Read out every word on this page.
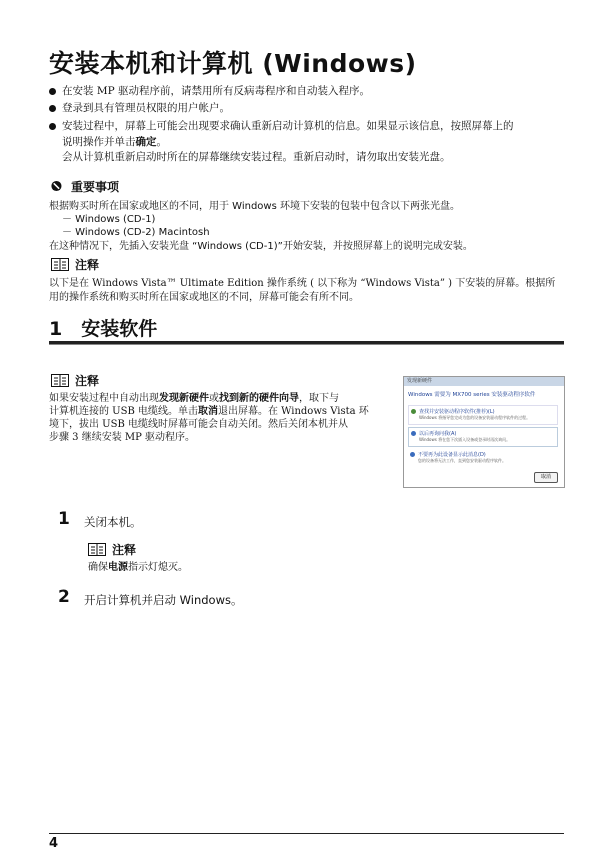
安装本机和计算机 (Windows)
在安装 MP 驱动程序前，请禁用所有反病毒程序和自动装入程序。
登录到具有管理员权限的用户帐户。
安装过程中，屏幕上可能会出现要求确认重新启动计算机的信息。如果显示该信息，按照屏幕上的
说明操作并单击确定。
会从计算机重新启动时所在的屏幕继续安装过程。重新启动时，请勿取出安装光盘。
重要事项
根据购买时所在国家或地区的不同，用于 Windows 环境下安装的包装中包含以下两张光盘。
－ Windows (CD-1)
－ Windows (CD-2) Macintosh
在这种情况下，先插入安装光盘 “Windows (CD-1)”开始安装，并按照屏幕上的说明完成安装。
注释
以下是在 Windows Vista™ Ultimate Edition 操作系统 ( 以下称为 “Windows Vista” ) 下安装的屏幕。根据所
用的操作系统和购买时所在国家或地区的不同，屏幕可能会有所不同。
1　安装软件
注释
如果安装过程中自动出现发现新硬件或找到新的硬件向导，取下与
计算机连接的 USB 电缆线。单击取消退出屏幕。在 Windows Vista 环
境下，拔出 USB 电缆线时屏幕可能会自动关闭。然后关闭本机并从
步骤 3 继续安装 MP 驱动程序。
发现新硬件
Windows 需要为 MX700 series 安装驱动程序软件
查找并安装驱动程序软件(推荐)(L)
Windows 将指导您完成为您的设备安装驱动程序软件的过程。
以后再询问我(A)
Windows 将在您下次插入设备或登录时再次询问。
不要再为此设备显示此消息(D)
您的设备将无法工作，直到您安装驱动程序软件。
取消
1 关闭本机。
注释
确保电源指示灯熄灭。
2 开启计算机并启动 Windows。
4
